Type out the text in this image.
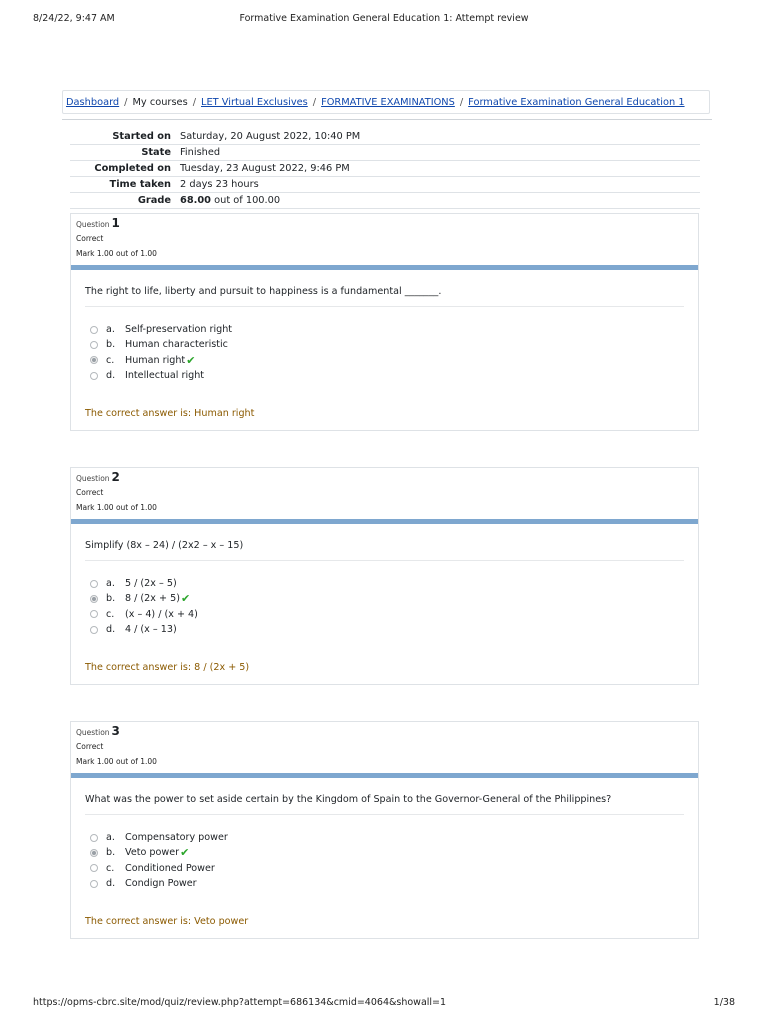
8/24/22, 9:47 AM	Formative Examination General Education 1: Attempt review
Dashboard / My courses / LET Virtual Exclusives / FORMATIVE EXAMINATIONS / Formative Examination General Education 1
Started on	Saturday, 20 August 2022, 10:40 PM
State	Finished
Completed on	Tuesday, 23 August 2022, 9:46 PM
Time taken	2 days 23 hours
Grade	68.00 out of 100.00
Question 1
Correct
Mark 1.00 out of 1.00
The right to life, liberty and pursuit to happiness is a fundamental _______.
a.	Self-preservation right
b.	Human characteristic
c.	Human right ✔
d.	Intellectual right
The correct answer is: Human right
Question 2
Correct
Mark 1.00 out of 1.00
Simplify (8x – 24) / (2x2 – x – 15)
a.	5 / (2x – 5)
b.	8 / (2x + 5) ✔
c.	(x – 4) / (x + 4)
d.	4 / (x – 13)
The correct answer is: 8 / (2x + 5)
Question 3
Correct
Mark 1.00 out of 1.00
What was the power to set aside certain by the Kingdom of Spain to the Governor-General of the Philippines?
a.	Compensatory power
b.	Veto power ✔
c.	Conditioned Power
d.	Condign Power
The correct answer is: Veto power
https://opms-cbrc.site/mod/quiz/review.php?attempt=686134&cmid=4064&showall=1	1/38
